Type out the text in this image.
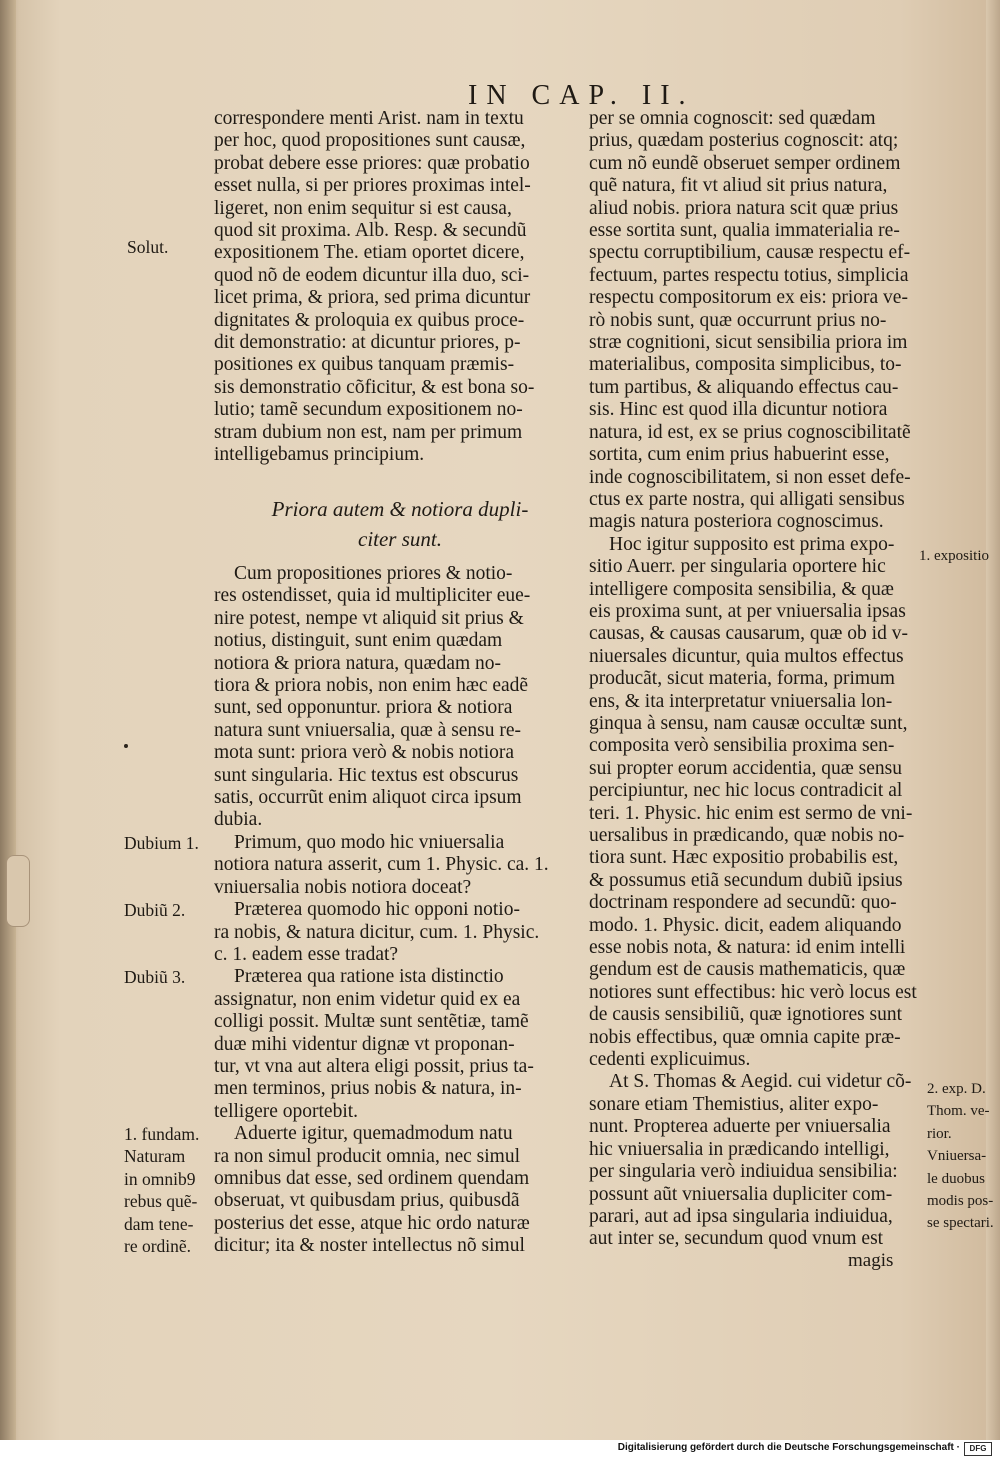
IN CAP. II.

correspondere menti Arist. nam in textu

per hoc, quod propositiones sunt causæ,

probat debere esse priores: quæ probatio

esset nulla, si per priores proximas intel-

ligeret, non enim sequitur si est causa,

quod sit proxima. Alb. Resp. & secundũ

expositionem The. etiam oportet dicere,

quod nõ de eodem dicuntur illa duo, sci-

licet prima, & priora, sed prima dicuntur

dignitates & proloquia ex quibus proce-

dit demonstratio: at dicuntur priores, p-

positiones ex quibus tanquam præmis-

sis demonstratio cõficitur, & est bona so-

lutio; tamẽ secundum expositionem no-

stram dubium non est, nam per primum

intelligebamus principium.

Priora autem & notiora dupli-

citer sunt.

Cum propositiones priores & notio-

res ostendisset, quia id multipliciter eue-

nire potest, nempe vt aliquid sit prius &

notius, distinguit, sunt enim quædam

notiora & priora natura, quædam no-

tiora & priora nobis, non enim hæc eadẽ

sunt, sed opponuntur. priora & notiora

natura sunt vniuersalia, quæ à sensu re-

mota sunt: priora verò & nobis notiora

sunt singularia. Hic textus est obscurus

satis, occurrũt enim aliquot circa ipsum

dubia.

Primum, quo modo hic vniuersalia

notiora natura asserit, cum 1. Physic. ca. 1.

vniuersalia nobis notiora doceat?

Præterea quomodo hic opponi notio-

ra nobis, & natura dicitur, cum. 1. Physic.

c. 1. eadem esse tradat?

Præterea qua ratione ista distinctio

assignatur, non enim videtur quid ex ea

colligi possit. Multæ sunt sentẽtiæ, tamẽ

duæ mihi videntur dignæ vt proponan-

tur, vt vna aut altera eligi possit, prius ta-

men terminos, prius nobis & natura, in-

telligere oportebit.

Aduerte igitur, quemadmodum natu

ra non simul producit omnia, nec simul

omnibus dat esse, sed ordinem quendam

obseruat, vt quibusdam prius, quibusdã

posterius det esse, atque hic ordo naturæ

dicitur; ita & noster intellectus nõ simul

per se omnia cognoscit: sed quædam

prius, quædam posterius cognoscit: atq;

cum nõ eundẽ obseruet semper ordinem

quẽ natura, fit vt aliud sit prius natura,

aliud nobis. priora natura scit quæ prius

esse sortita sunt, qualia immaterialia re-

spectu corruptibilium, causæ respectu ef-

fectuum, partes respectu totius, simplicia

respectu compositorum ex eis: priora ve-

rò nobis sunt, quæ occurrunt prius no-

stræ cognitioni, sicut sensibilia priora im

materialibus, composita simplicibus, to-

tum partibus, & aliquando effectus cau-

sis. Hinc est quod illa dicuntur notiora

natura, id est, ex se prius cognoscibilitatẽ

sortita, cum enim prius habuerint esse,

inde cognoscibilitatem, si non esset defe-

ctus ex parte nostra, qui alligati sensibus

magis natura posteriora cognoscimus.

Hoc igitur supposito est prima expo-

sitio Auerr. per singularia oportere hic

intelligere composita sensibilia, & quæ

eis proxima sunt, at per vniuersalia ipsas

causas, & causas causarum, quæ ob id v-

niuersales dicuntur, quia multos effectus

producãt, sicut materia, forma, primum

ens, & ita interpretatur vniuersalia lon-

ginqua à sensu, nam causæ occultæ sunt,

composita verò sensibilia proxima sen-

sui propter eorum accidentia, quæ sensu

percipiuntur, nec hic locus contradicit al

teri. 1. Physic. hic enim est sermo de vni-

uersalibus in prædicando, quæ nobis no-

tiora sunt. Hæc expositio probabilis est,

& possumus etiã secundum dubiũ ipsius

doctrinam respondere ad secundũ: quo-

modo. 1. Physic. dicit, eadem aliquando

esse nobis nota, & natura: id enim intelli

gendum est de causis mathematicis, quæ

notiores sunt effectibus: hic verò locus est

de causis sensibiliũ, quæ ignotiores sunt

nobis effectibus, quæ omnia capite præ-

cedenti explicuimus.

At S. Thomas & Aegid. cui videtur cõ-

sonare etiam Themistius, aliter expo-

nunt. Propterea aduerte per vniuersalia

hic vniuersalia in prædicando intelligi,

per singularia verò indiuidua sensibilia:

possunt aũt vniuersalia dupliciter com-

parari, aut ad ipsa singularia indiuidua,

aut inter se, secundum quod vnum est

Solut.
Dubium 1.
Dubiũ 2.
Dubiũ 3.

1. fundam.

Naturam

in omnib9

rebus quẽ-

dam tene-

re ordinẽ.

1. expositio

2. exp. D.

Thom. ve-

rior.

Vniuersa-

le duobus

modis pos-

se spectari.

magis
Digitalisierung gefördert durch die Deutsche Forschungsgemeinschaft ·	DFG
